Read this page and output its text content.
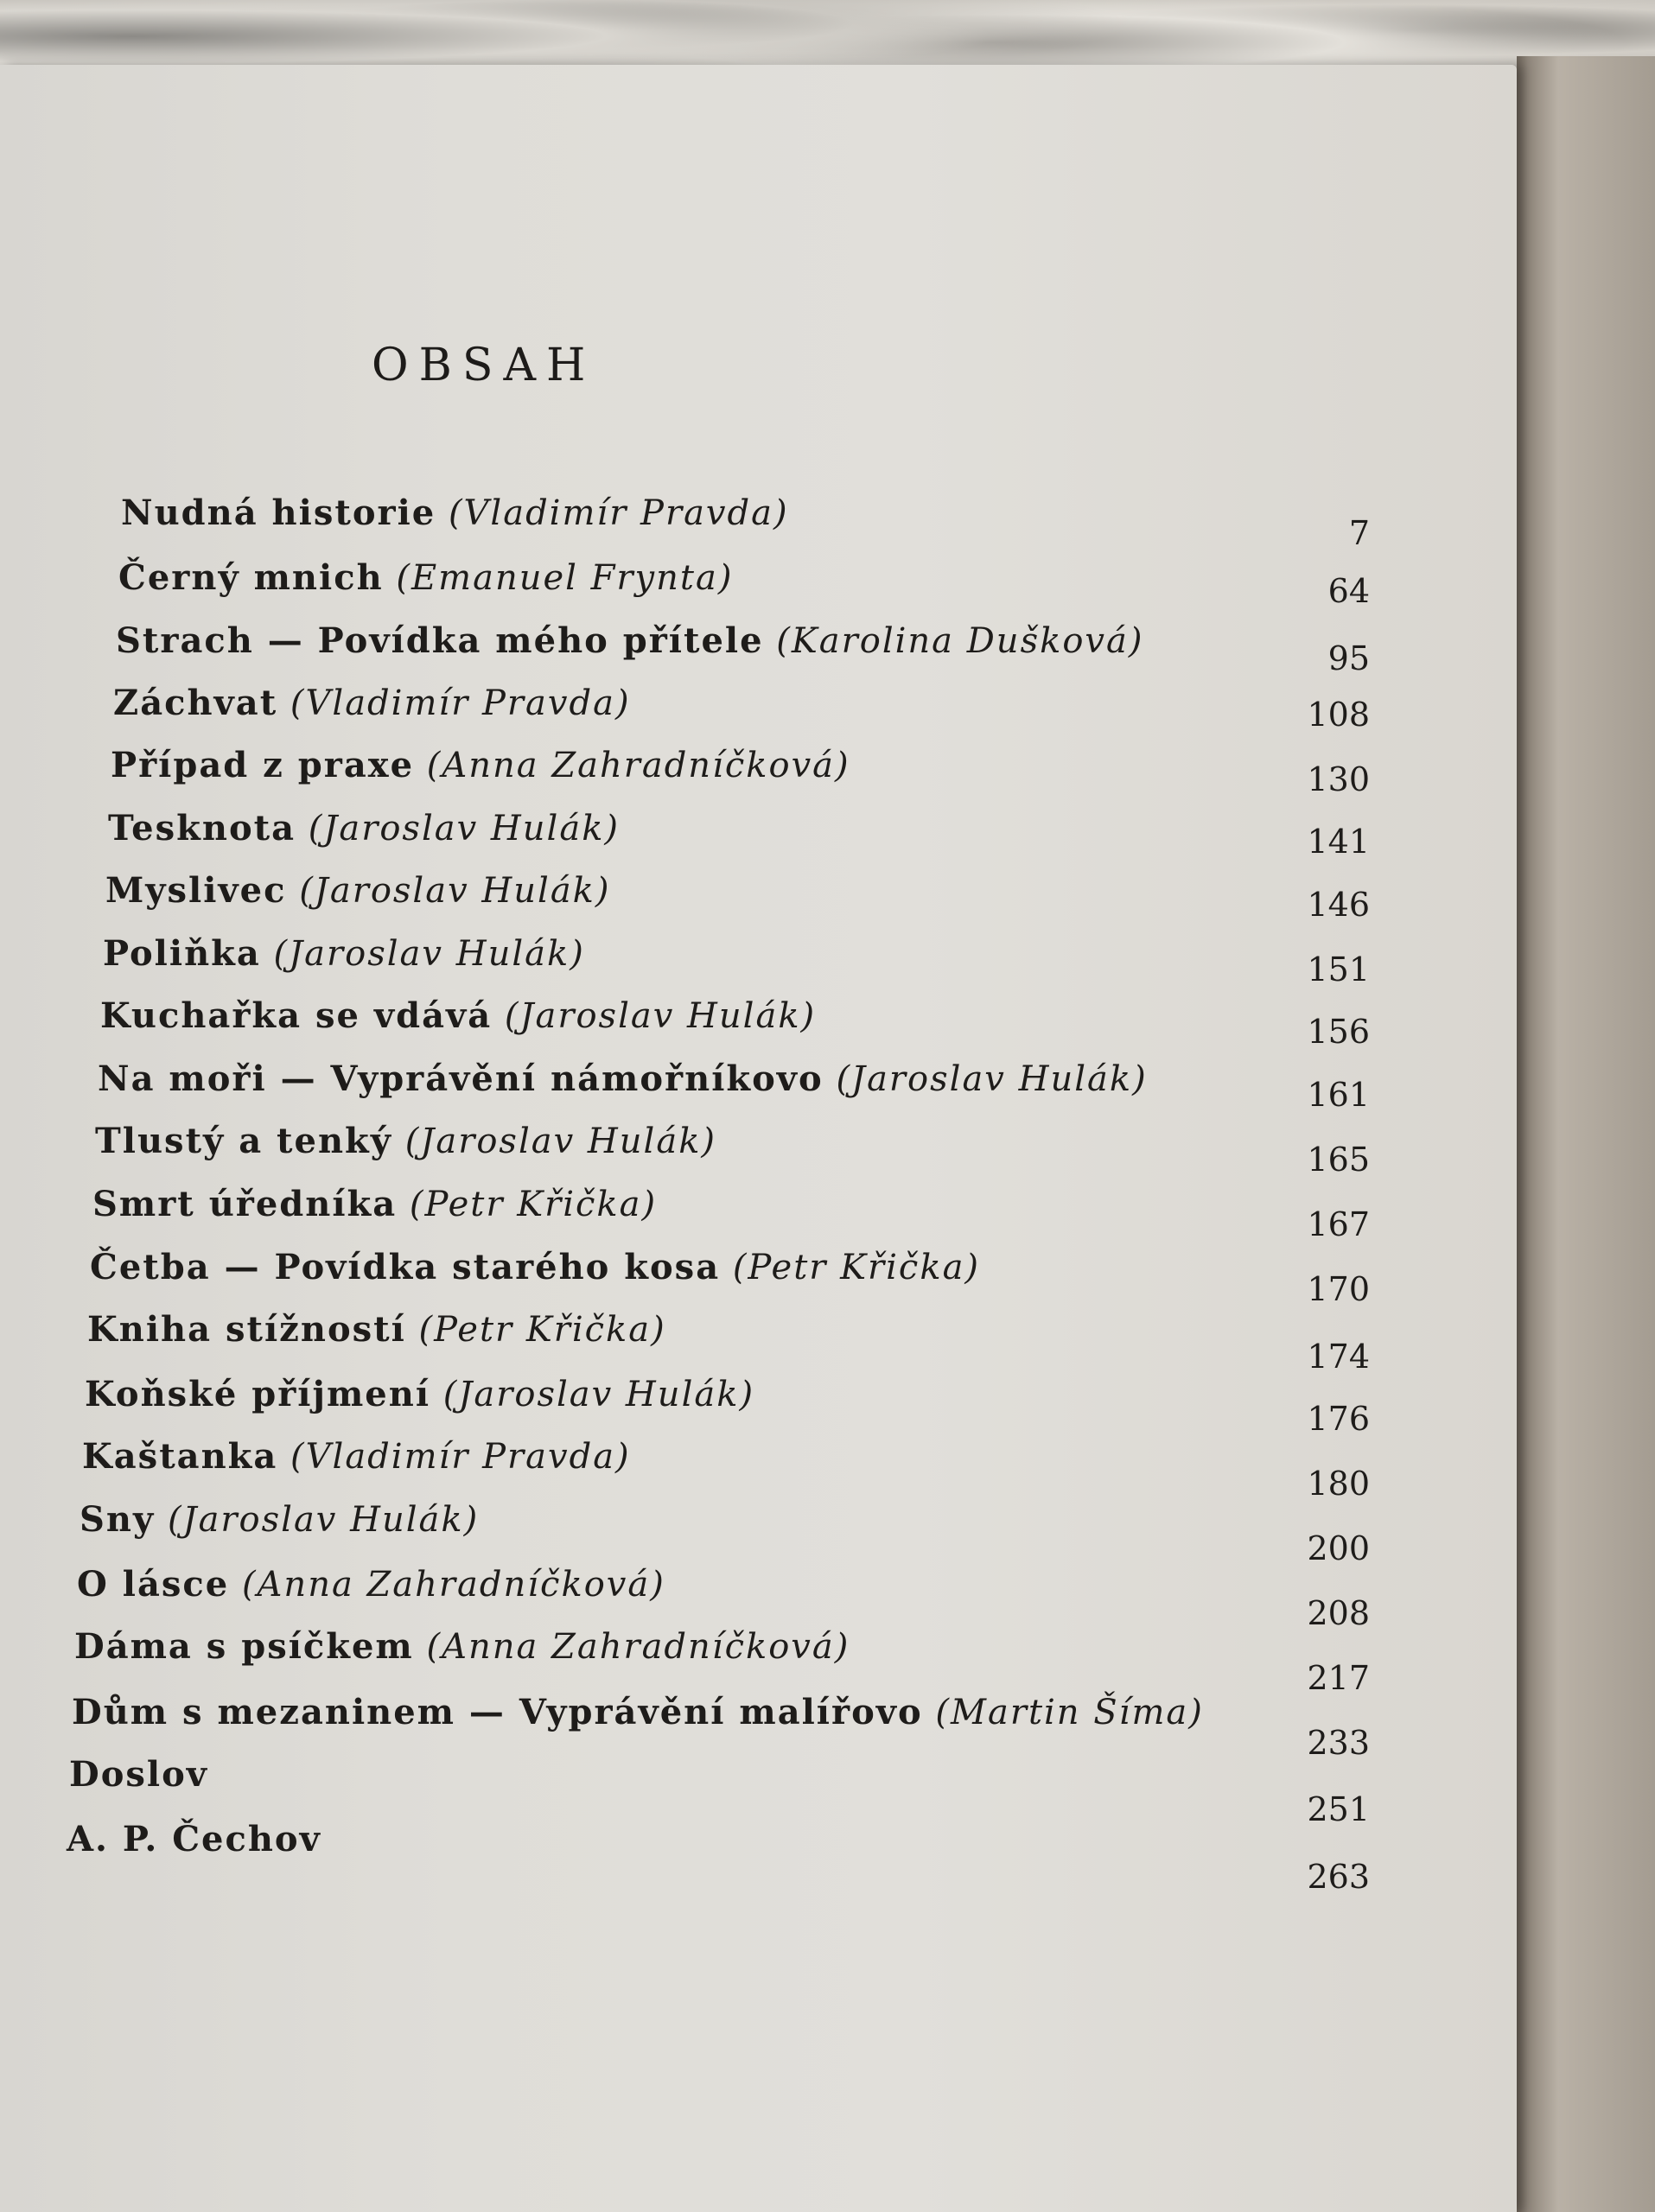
OBSAH
Nudná historie (Vladimír Pravda)
Černý mnich (Emanuel Frynta)
Strach — Povídka mého přítele (Karolina Dušková)
Záchvat (Vladimír Pravda)
Případ z praxe (Anna Zahradníčková)
Tesknota (Jaroslav Hulák)
Myslivec (Jaroslav Hulák)
Poliňka (Jaroslav Hulák)
Kuchařka se vdává (Jaroslav Hulák)
Na moři — Vyprávění námořníkovo (Jaroslav Hulák)
Tlustý a tenký (Jaroslav Hulák)
Smrt úředníka (Petr Křička)
Četba — Povídka starého kosa (Petr Křička)
Kniha stížností (Petr Křička)
Koňské příjmení (Jaroslav Hulák)
Kaštanka (Vladimír Pravda)
Sny (Jaroslav Hulák)
O lásce (Anna Zahradníčková)
Dáma s psíčkem (Anna Zahradníčková)
Dům s mezaninem — Vyprávění malířovo (Martin Šíma)
Doslov
A. P. Čechov
7
64
95
108
130
141
146
151
156
161
165
167
170
174
176
180
200
208
217
233
251
263
